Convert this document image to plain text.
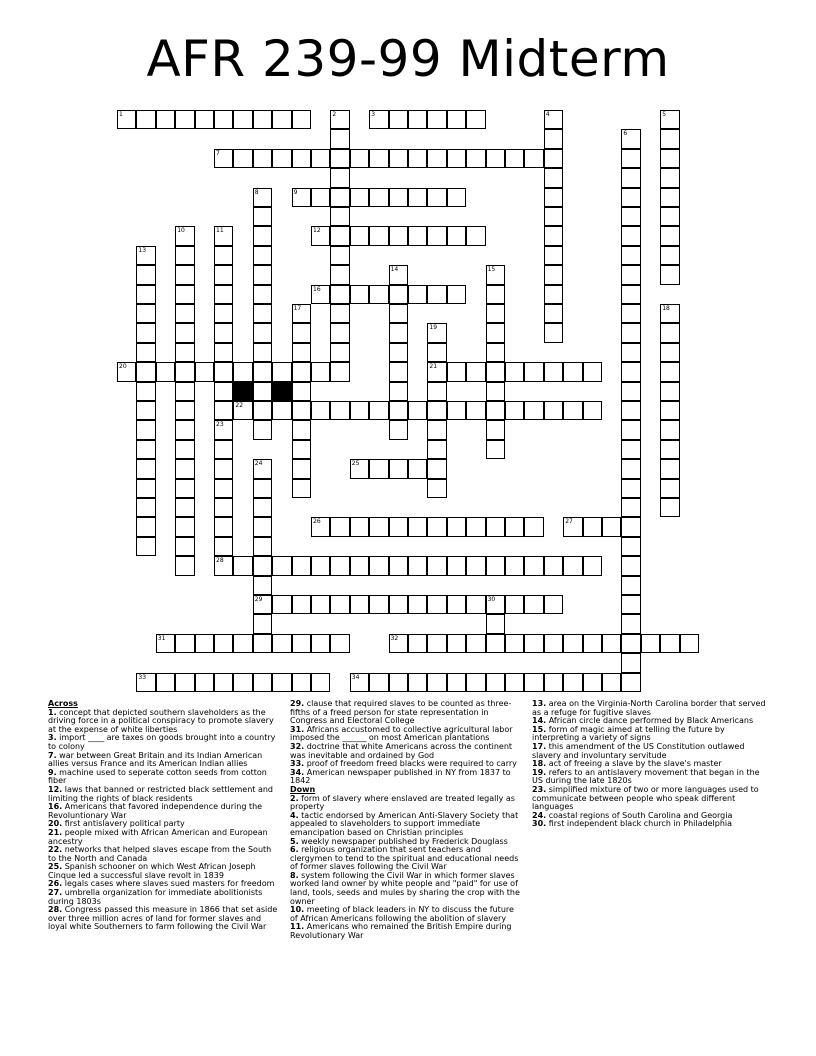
AFR 239-99 Midterm
1	3
7
9
12
16
20	21
22
25
26	27
28
29	30
31	32
33	34
2	4	5
6
8
10	11
23
13
14	15
17	18
19
24
Across
1. concept that depicted southern slaveholders as the driving force in a political conspiracy to promote slavery at the expense of white liberties
3. import ____ are taxes on goods brought into a country to colony
7. war between Great Britain and its Indian American allies versus France and its American Indian allies
9. machine used to seperate cotton seeds from cotton fiber
12. laws that banned or restricted black settlement and limiting the rights of black residents
16. Americans that favored independence during the Revoluntionary War
20. first antislavery political party
21. people mixed with African American and European ancestry
22. networks that helped slaves escape from the South to the North and Canada
25. Spanish schooner on which West African Joseph Cinque led a successful slave revolt in 1839
26. legals cases where slaves sued masters for freedom
27. umbrella organization for immediate abolitionists during 1803s
28. Congress passed this measure in 1866 that set aside over three million acres of land for former slaves and loyal white Southerners to farm following the Civil War
29. clause that required slaves to be counted as three-fifths of a freed person for state representation in Congress and Electoral College
31. Africans accustomed to collective agricultural labor imposed the ______ on most American plantations
32. doctrine that white Americans across the continent was inevitable and ordained by God
33. proof of freedom freed blacks were required to carry
34. American newspaper published in NY from 1837 to 1842
Down
2. form of slavery where enslaved are treated legally as property
4. tactic endorsed by American Anti-Slavery Society that appealed to slaveholders to support immediate emancipation based on Christian principles
5. weekly newspaper published by Frederick Douglass
6. religious organization that sent teachers and clergymen to tend to the spiritual and educational needs of former slaves following the Civil War
8. system following the Civil War in which former slaves worked land owner by white people and "paid" for use of land, tools, seeds and mules by sharing the crop with the owner
10. meeting of black leaders in NY to discuss the future of African Americans following the abolition of slavery
11. Americans who remained the British Empire during Revolutionary War
13. area on the Virginia-North Carolina border that served as a refuge for fugitive slaves
14. African circle dance performed by Black Americans
15. form of magic aimed at telling the future by interpreting a variety of signs
17. this amendment of the US Constitution outlawed slavery and involuntary servitude
18. act of freeing a slave by the slave's master
19. refers to an antislavery movement that began in the US during the late 1820s
23. simplified mixture of two or more languages used to communicate between people who speak different languages
24. coastal regions of South Carolina and Georgia
30. first independent black church in Philadelphia
